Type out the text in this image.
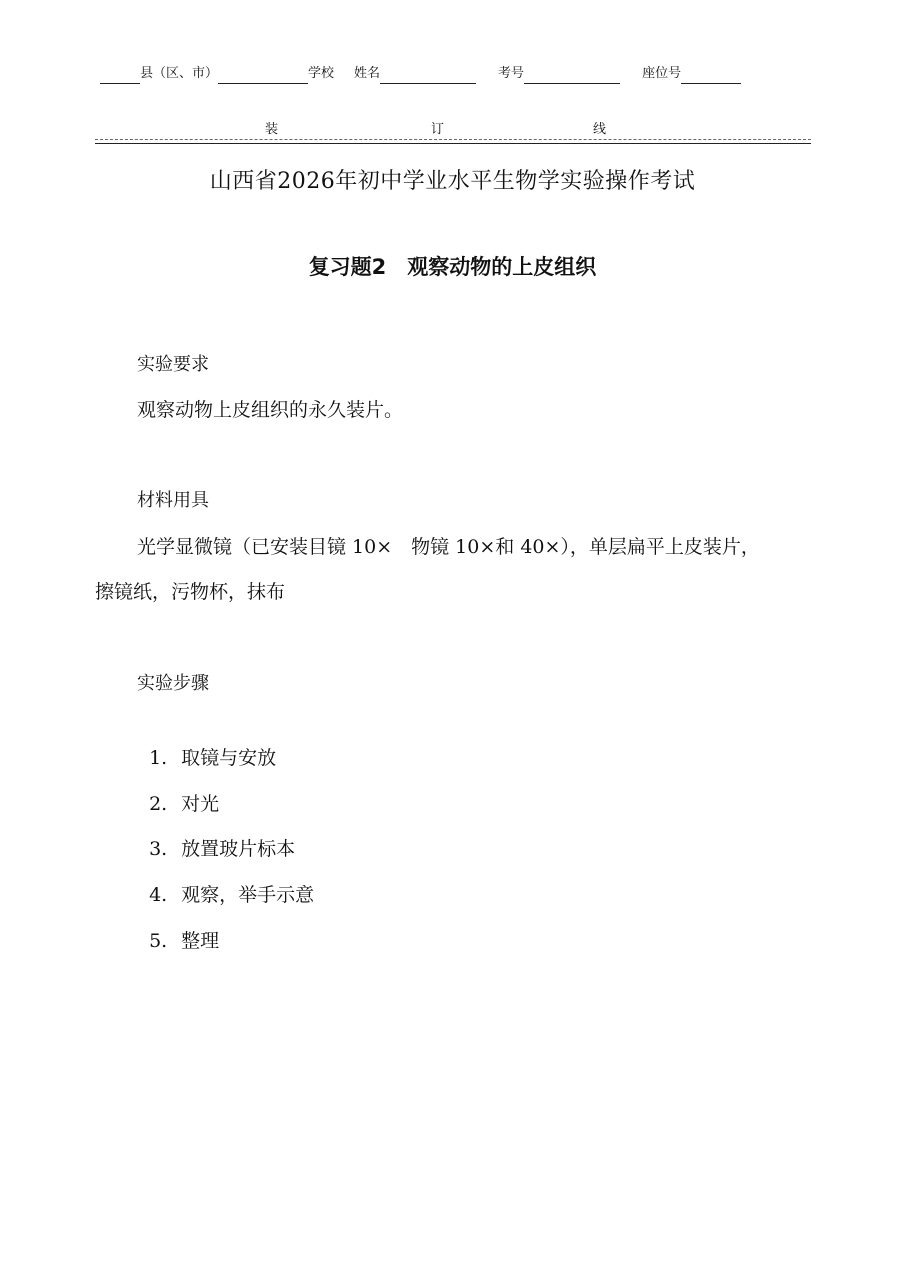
县（区、市）	学校 姓名	考号	座位号
装	订	线
山西省2026年初中学业水平生物学实验操作考试
复习题2　观察动物的上皮组织
实验要求
观察动物上皮组织的永久装片。
材料用具
光学显微镜（已安装目镜 10×　物镜 10×和 40×），单层扁平上皮装片，
擦镜纸，污物杯，抹布
实验步骤

1. 取镜与安放

2. 对光

3. 放置玻片标本

4. 观察，举手示意

5. 整理
